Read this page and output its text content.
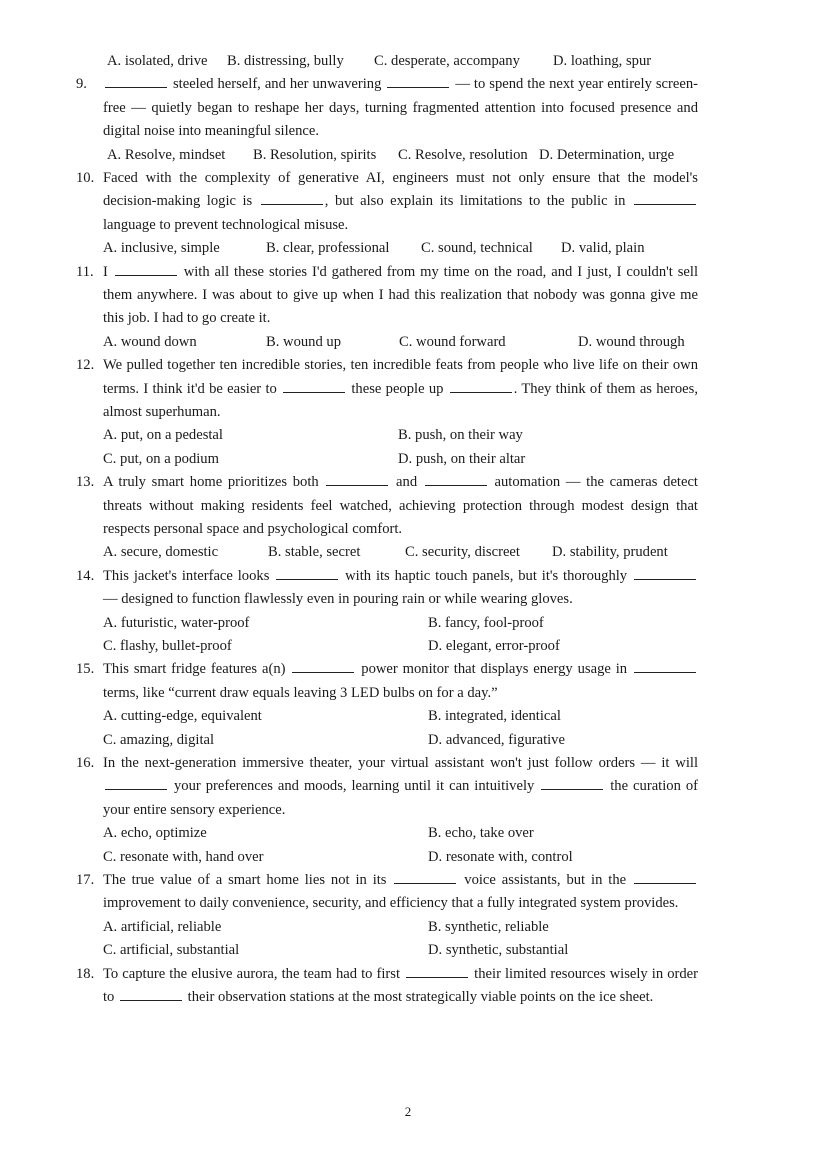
A. isolated, drive B. distressing, bully C. desperate, accompany D. loathing, spur
9.	steeled herself, and her unwavering	— to spend the next year entirely screen-free — quietly began to reshape her days, turning fragmented attention into focused presence and digital noise into meaningful silence.
A. Resolve, mindset B. Resolution, spirits C. Resolve, resolution D. Determination, urge
10. Faced with the complexity of generative AI, engineers must not only ensure that the model's decision-making logic is	, but also explain its limitations to the public in  language to prevent technological misuse.
A. inclusive, simple	B. clear, professional C. sound, technical D. valid, plain
11. I	with all these stories I'd gathered from my time on the road, and I just, I couldn't sell them anywhere. I was about to give up when I had this realization that nobody was gonna give me this job. I had to go create it.
A. wound down	B. wound up	C. wound forward	D. wound through
12. We pulled together ten incredible stories, ten incredible feats from people who live life on their own terms. I think it'd be easier to	these people up	. They think of them as heroes, almost superhuman.
A. put, on a pedestal	B. push, on their way
C. put, on a podium	D. push, on their altar
13. A truly smart home prioritizes both	and	automation — the cameras detect threats without making residents feel watched, achieving protection through modest design that respects personal space and psychological comfort.
A. secure, domestic	B. stable, secret	C. security, discreet D. stability, prudent
14. This jacket's interface looks	with its haptic touch panels, but it's thoroughly  — designed to function flawlessly even in pouring rain or while wearing gloves.
A. futuristic, water-proof	B. fancy, fool-proof
C. flashy, bullet-proof	D. elegant, error-proof
15. This smart fridge features a(n)	power monitor that displays energy usage in  terms, like “current draw equals leaving 3 LED bulbs on for a day.”
A. cutting-edge, equivalent	B. integrated, identical
C. amazing, digital	D. advanced, figurative
16. In the next-generation immersive theater, your virtual assistant won't just follow orders — it will  your preferences and moods, learning until it can intuitively	the curation of your entire sensory experience.
A. echo, optimize	B. echo, take over
C. resonate with, hand over	D. resonate with, control
17. The true value of a smart home lies not in its	voice assistants, but in the  improvement to daily convenience, security, and efficiency that a fully integrated system provides.
A. artificial, reliable	B. synthetic, reliable
C. artificial, substantial	D. synthetic, substantial
18. To capture the elusive aurora, the team had to first	their limited resources wisely in order to	their observation stations at the most strategically viable points on the ice sheet.
2
